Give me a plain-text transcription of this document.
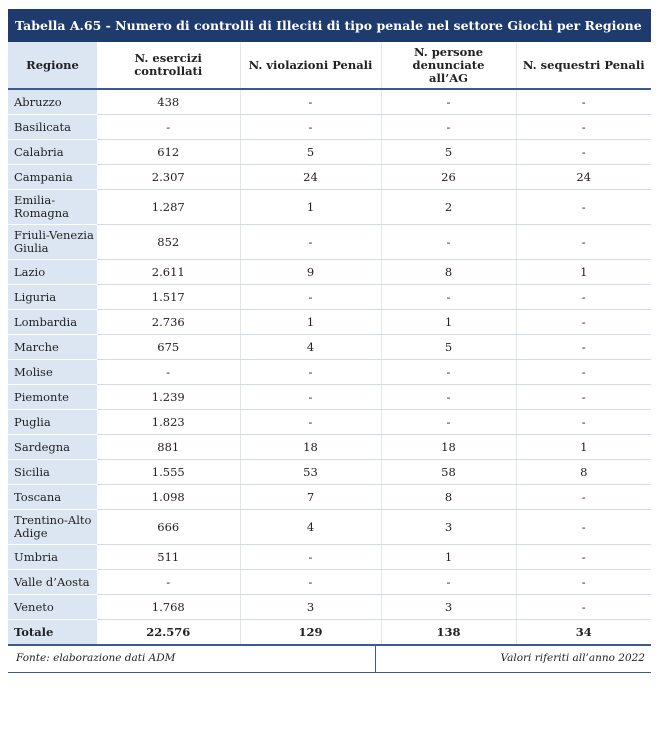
Tabella A.65 - Numero di controlli di Illeciti di tipo penale nel settore Giochi per Regione
Regione	N. esercizi controllati	N. violazioni Penali	N. persone denunciate all’AG	N. sequestri Penali
Abruzzo	438	-	-	-
Basilicata	-	-	-	-
Calabria	612	5	5	-
Campania	2.307	24	26	24
Emilia-Romagna	1.287	1	2	-
Friuli-Venezia Giulia	852	-	-	-
Lazio	2.611	9	8	1
Liguria	1.517	-	-	-
Lombardia	2.736	1	1	-
Marche	675	4	5	-
Molise	-	-	-	-
Piemonte	1.239	-	-	-
Puglia	1.823	-	-	-
Sardegna	881	18	18	1
Sicilia	1.555	53	58	8
Toscana	1.098	7	8	-
Trentino-Alto Adige	666	4	3	-
Umbria	511	-	1	-
Valle d’Aosta	-	-	-	-
Veneto	1.768	3	3	-
Totale	22.576	129	138	34
Fonte: elaborazione dati ADM	Valori riferiti all’anno 2022
